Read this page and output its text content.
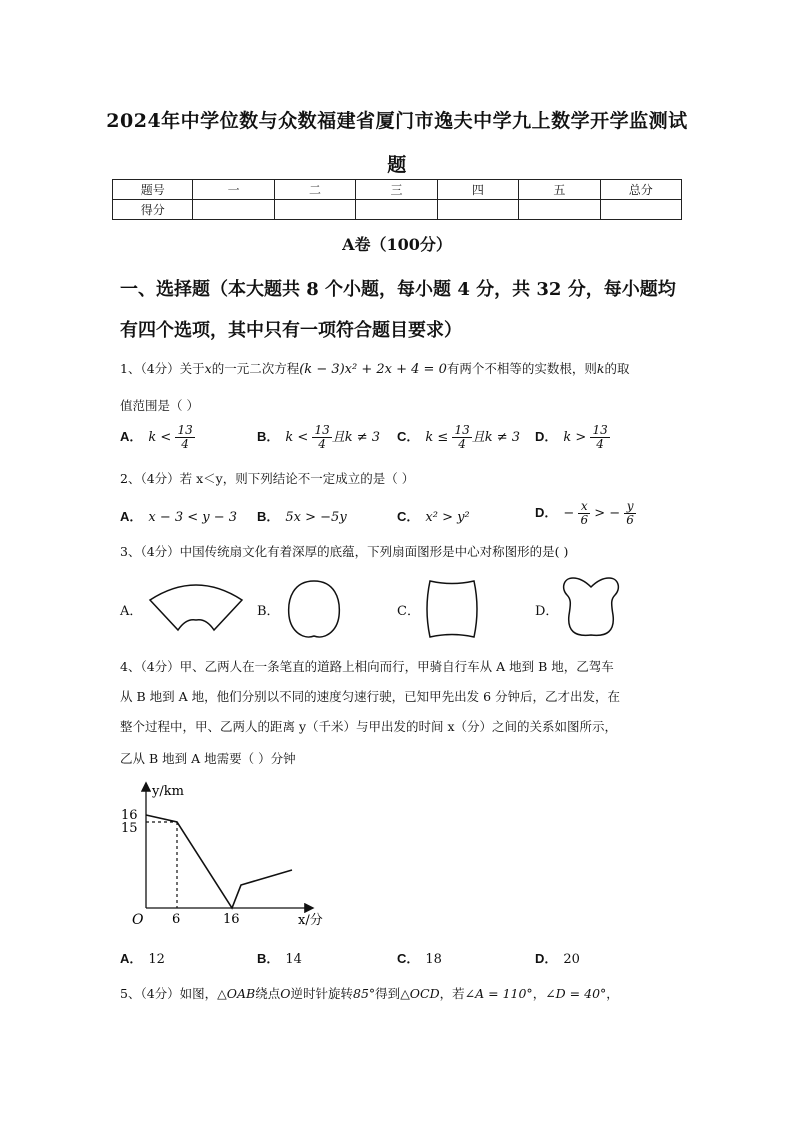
2024年中学位数与众数福建省厦门市逸夫中学九上数学开学监测试
题
题号	一	二	三	四	五	总分
得分						
A卷（100分）
一、选择题（本大题共 8 个小题，每小题 4 分，共 32 分，每小题均
有四个选项，其中只有一项符合题目要求）
1、（4分）关于x的一元二次方程(k − 3)x² + 2x + 4 = 0有两个不相等的实数根，则k的取
值范围是（ ）
A． $k < \frac{13}{4}$	B． $k < \frac{13}{4}$ 且k ≠ 3 C． $k \le \frac{13}{4}$ 且k ≠ 3 D． $k > \frac{13}{4}$
2、（4分）若 x＜y，则下列结论不一定成立的是（ ）
A． x − 3 < y − 3 B． 5x > −5y	C． x² > y²	D． − $\frac{x}{6}$ > − $\frac{y}{6}$
3、（4分）中国传统扇文化有着深厚的底蕴，下列扇面图形是中心对称图形的是( )
A．	B．	C．	D．
4、（4分）甲、乙两人在一条笔直的道路上相向而行，甲骑自行车从 A 地到 B 地，乙驾车
从 B 地到 A 地，他们分别以不同的速度匀速行驶，已知甲先出发 6 分钟后，乙才出发，在
整个过程中，甲、乙两人的距离 y（千米）与甲出发的时间 x（分）之间的关系如图所示，
乙从 B 地到 A 地需要（ ）分钟
y/km
x/分
O
16
15
6	16
A． 12	B． 14	C． 18	D． 20
5、（4分）如图，△OAB绕点O逆时针旋转85°得到△OCD，若∠A = 110°，∠D = 40°，
